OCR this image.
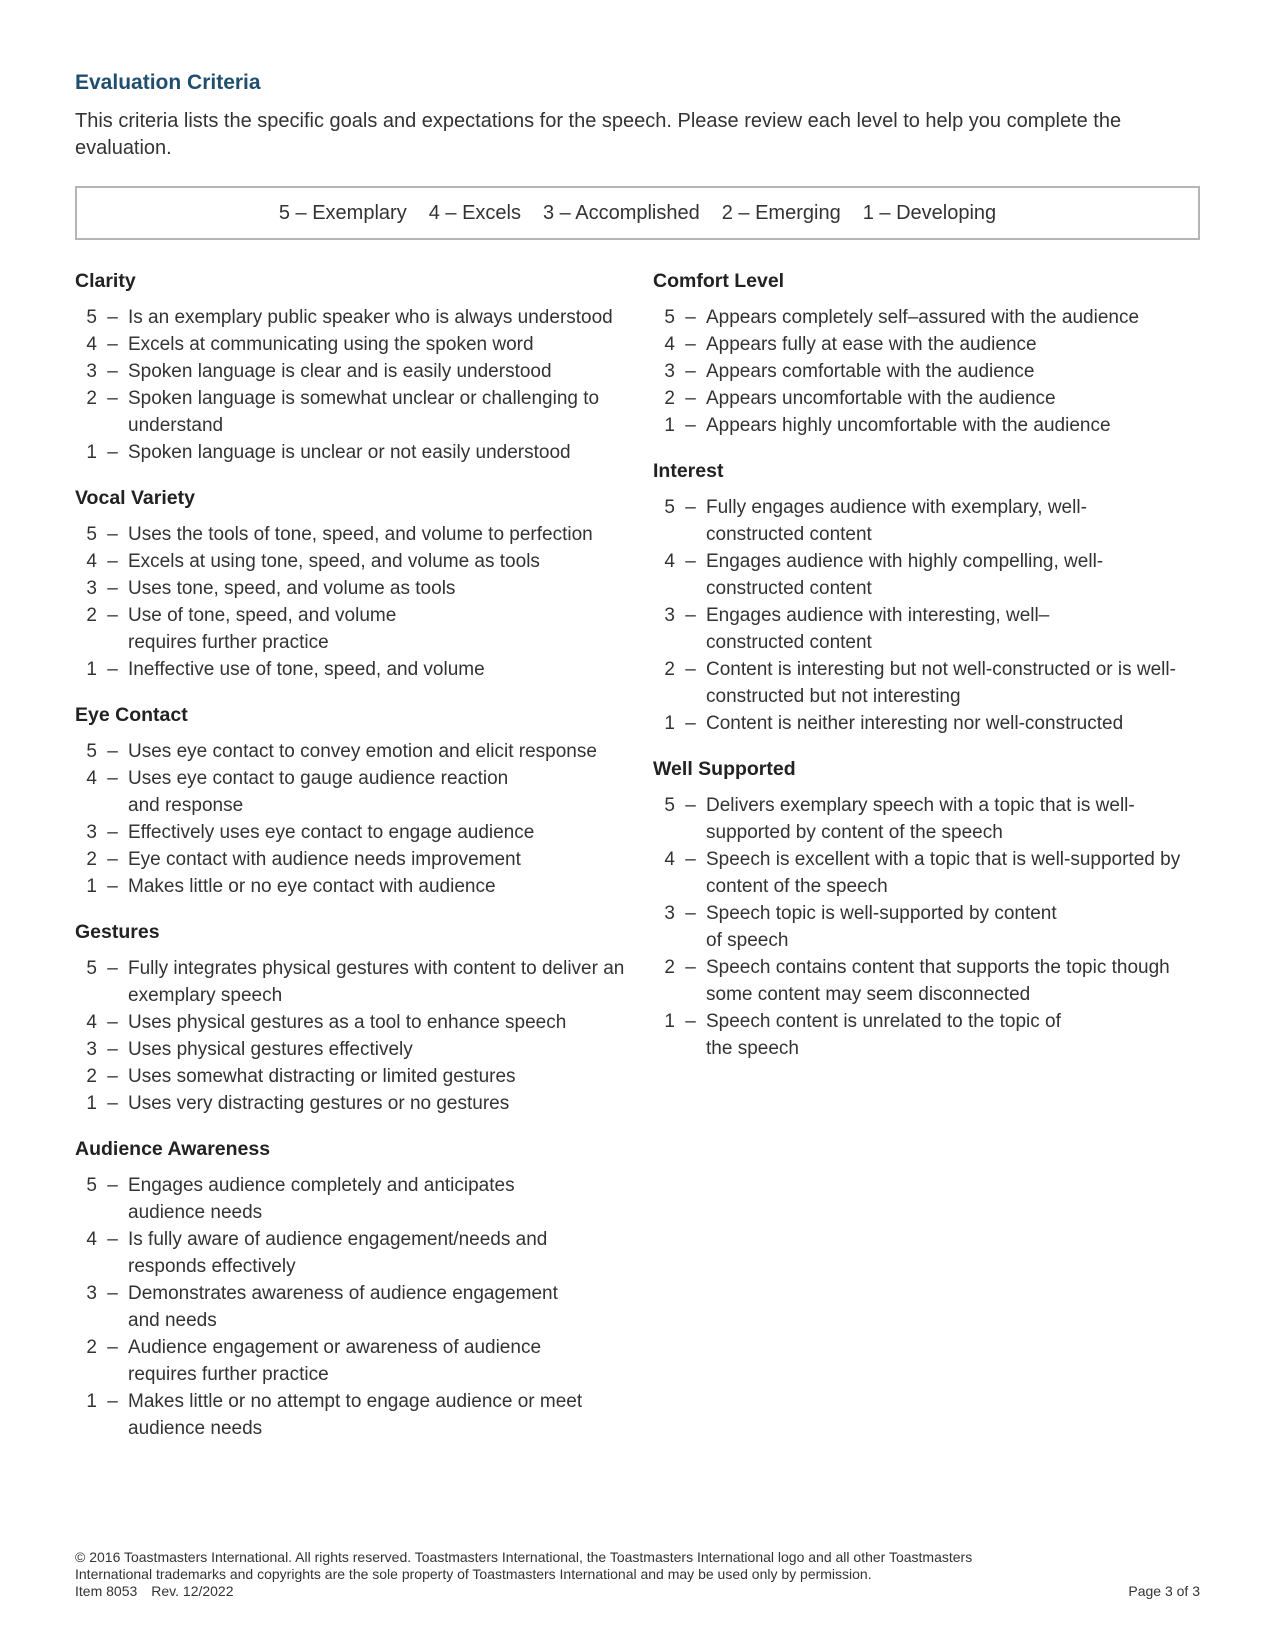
Evaluation Criteria
This criteria lists the specific goals and expectations for the speech. Please review each level to help you complete the evaluation.
5 – Exemplary 4 – Excels 3 – Accomplished 2 – Emerging 1 – Developing
Clarity
5 – Is an exemplary public speaker who is always understood
4 – Excels at communicating using the spoken word
3 – Spoken language is clear and is easily understood
2 – Spoken language is somewhat unclear or challenging to understand
1 – Spoken language is unclear or not easily understood
Vocal Variety
5 – Uses the tools of tone, speed, and volume to perfection
4 – Excels at using tone, speed, and volume as tools
3 – Uses tone, speed, and volume as tools
2 – Use of tone, speed, and volume requires further practice
1 – Ineffective use of tone, speed, and volume
Eye Contact
5 – Uses eye contact to convey emotion and elicit response
4 – Uses eye contact to gauge audience reaction and response
3 – Effectively uses eye contact to engage audience
2 – Eye contact with audience needs improvement
1 – Makes little or no eye contact with audience
Gestures
5 – Fully integrates physical gestures with content to deliver an exemplary speech
4 – Uses physical gestures as a tool to enhance speech
3 – Uses physical gestures effectively
2 – Uses somewhat distracting or limited gestures
1 – Uses very distracting gestures or no gestures
Audience Awareness
5 – Engages audience completely and anticipates audience needs
4 – Is fully aware of audience engagement/needs and responds effectively
3 – Demonstrates awareness of audience engagement and needs
2 – Audience engagement or awareness of audience requires further practice
1 – Makes little or no attempt to engage audience or meet audience needs
Comfort Level
5 – Appears completely self–assured with the audience
4 – Appears fully at ease with the audience
3 – Appears comfortable with the audience
2 – Appears uncomfortable with the audience
1 – Appears highly uncomfortable with the audience
Interest
5 – Fully engages audience with exemplary, well-constructed content
4 – Engages audience with highly compelling, well-constructed content
3 – Engages audience with interesting, well–constructed content
2 – Content is interesting but not well-constructed or is well-constructed but not interesting
1 – Content is neither interesting nor well-constructed
Well Supported
5 – Delivers exemplary speech with a topic that is well-supported by content of the speech
4 – Speech is excellent with a topic that is well-supported by content of the speech
3 – Speech topic is well-supported by content of speech
2 – Speech contains content that supports the topic though some content may seem disconnected
1 – Speech content is unrelated to the topic of the speech
© 2016 Toastmasters International. All rights reserved. Toastmasters International, the Toastmasters International logo and all other Toastmasters International trademarks and copyrights are the sole property of Toastmasters International and may be used only by permission.
Item 8053 Rev. 12/2022	Page 3 of 3
